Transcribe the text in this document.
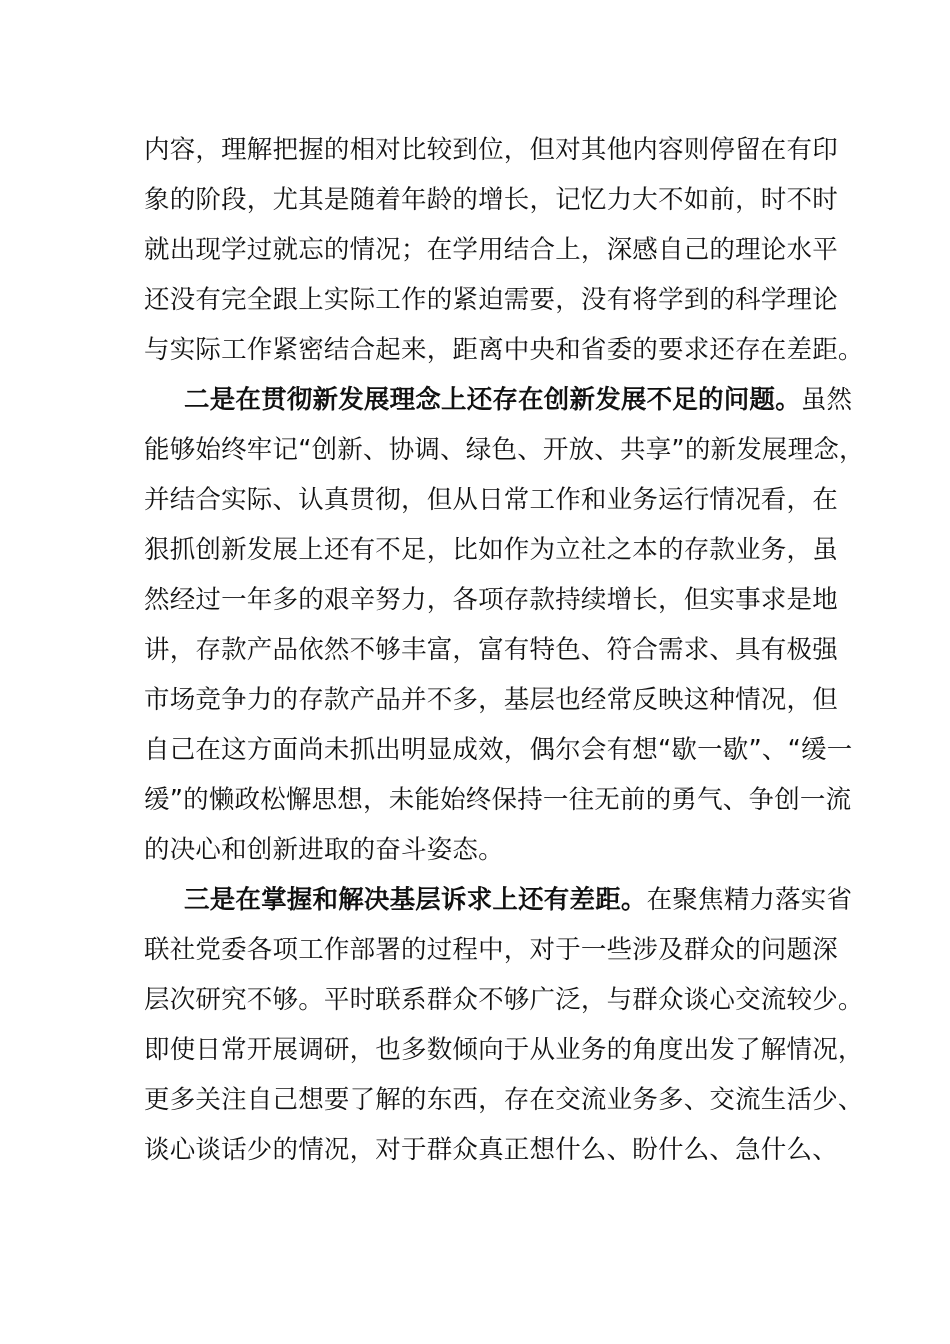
内容，理解把握的相对比较到位，但对其他内容则停留在有印
象的阶段，尤其是随着年龄的增长，记忆力大不如前，时不时
就出现学过就忘的情况；在学用结合上，深感自己的理论水平
还没有完全跟上实际工作的紧迫需要，没有将学到的科学理论
与实际工作紧密结合起来，距离中央和省委的要求还存在差距。
二是在贯彻新发展理念上还存在创新发展不足的问题。虽然
能够始终牢记“创新、协调、绿色、开放、共享”的新发展理念，
并结合实际、认真贯彻，但从日常工作和业务运行情况看，在
狠抓创新发展上还有不足，比如作为立社之本的存款业务，虽
然经过一年多的艰辛努力，各项存款持续增长，但实事求是地
讲，存款产品依然不够丰富，富有特色、符合需求、具有极强
市场竞争力的存款产品并不多，基层也经常反映这种情况，但
自己在这方面尚未抓出明显成效，偶尔会有想“歇一歇”、“缓一
缓”的懒政松懈思想，未能始终保持一往无前的勇气、争创一流
的决心和创新进取的奋斗姿态。
三是在掌握和解决基层诉求上还有差距。在聚焦精力落实省
联社党委各项工作部署的过程中，对于一些涉及群众的问题深
层次研究不够。平时联系群众不够广泛，与群众谈心交流较少。
即使日常开展调研，也多数倾向于从业务的角度出发了解情况，
更多关注自己想要了解的东西，存在交流业务多、交流生活少、
谈心谈话少的情况，对于群众真正想什么、盼什么、急什么、
